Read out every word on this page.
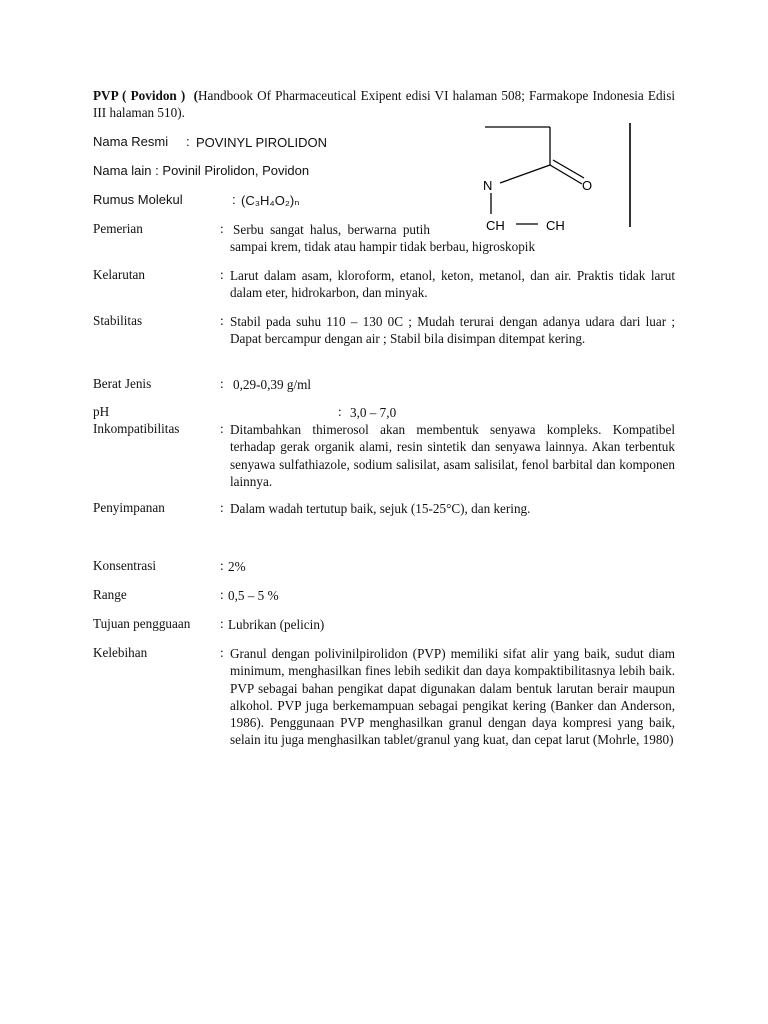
PVP ( Povidon ) (Handbook Of Pharmaceutical Exipent edisi VI halaman 508; Farmakope Indonesia Edisi III halaman 510).
N	O
CH	CH
Nama Resmi : POVINYL PIROLIDON
Nama lain : Povinil Pirolidon, Povidon
Rumus Molekul	: (C₃H₄O₂)ₙ
Pemerian	: Serbu sangat halus, berwarna putih
sampai krem, tidak atau hampir tidak berbau, higroskopik
Kelarutan	: Larut dalam asam, kloroform, etanol, keton, metanol, dan air. Praktis tidak larut dalam eter, hidrokarbon, dan minyak.
Stabilitas	: Stabil pada suhu 110 – 130 0C ; Mudah terurai dengan adanya udara dari luar ; Dapat bercampur dengan air ; Stabil bila disimpan ditempat kering.
Berat Jenis	: 0,29-0,39 g/ml
pH	: 3,0 – 7,0
Inkompatibilitas	: Ditambahkan thimerosol akan membentuk senyawa kompleks. Kompatibel terhadap gerak organik alami, resin sintetik dan senyawa lainnya. Akan terbentuk senyawa sulfathiazole, sodium salisilat, asam salisilat, fenol barbital dan komponen lainnya.
Penyimpanan	: Dalam wadah tertutup baik, sejuk (15-25°C), dan kering.
Konsentrasi	: 2%
Range	: 0,5 – 5 %
Tujuan pengguaan : Lubrikan (pelicin)
Kelebihan	: Granul dengan polivinilpirolidon (PVP) memiliki sifat alir yang baik, sudut diam minimum, menghasilkan fines lebih sedikit dan daya kompaktibilitasnya lebih baik. PVP sebagai bahan pengikat dapat digunakan dalam bentuk larutan berair maupun alkohol. PVP juga berkemampuan sebagai pengikat kering (Banker dan Anderson, 1986). Penggunaan PVP menghasilkan granul dengan daya kompresi yang baik, selain itu juga menghasilkan tablet/granul yang kuat, dan cepat larut (Mohrle, 1980)
